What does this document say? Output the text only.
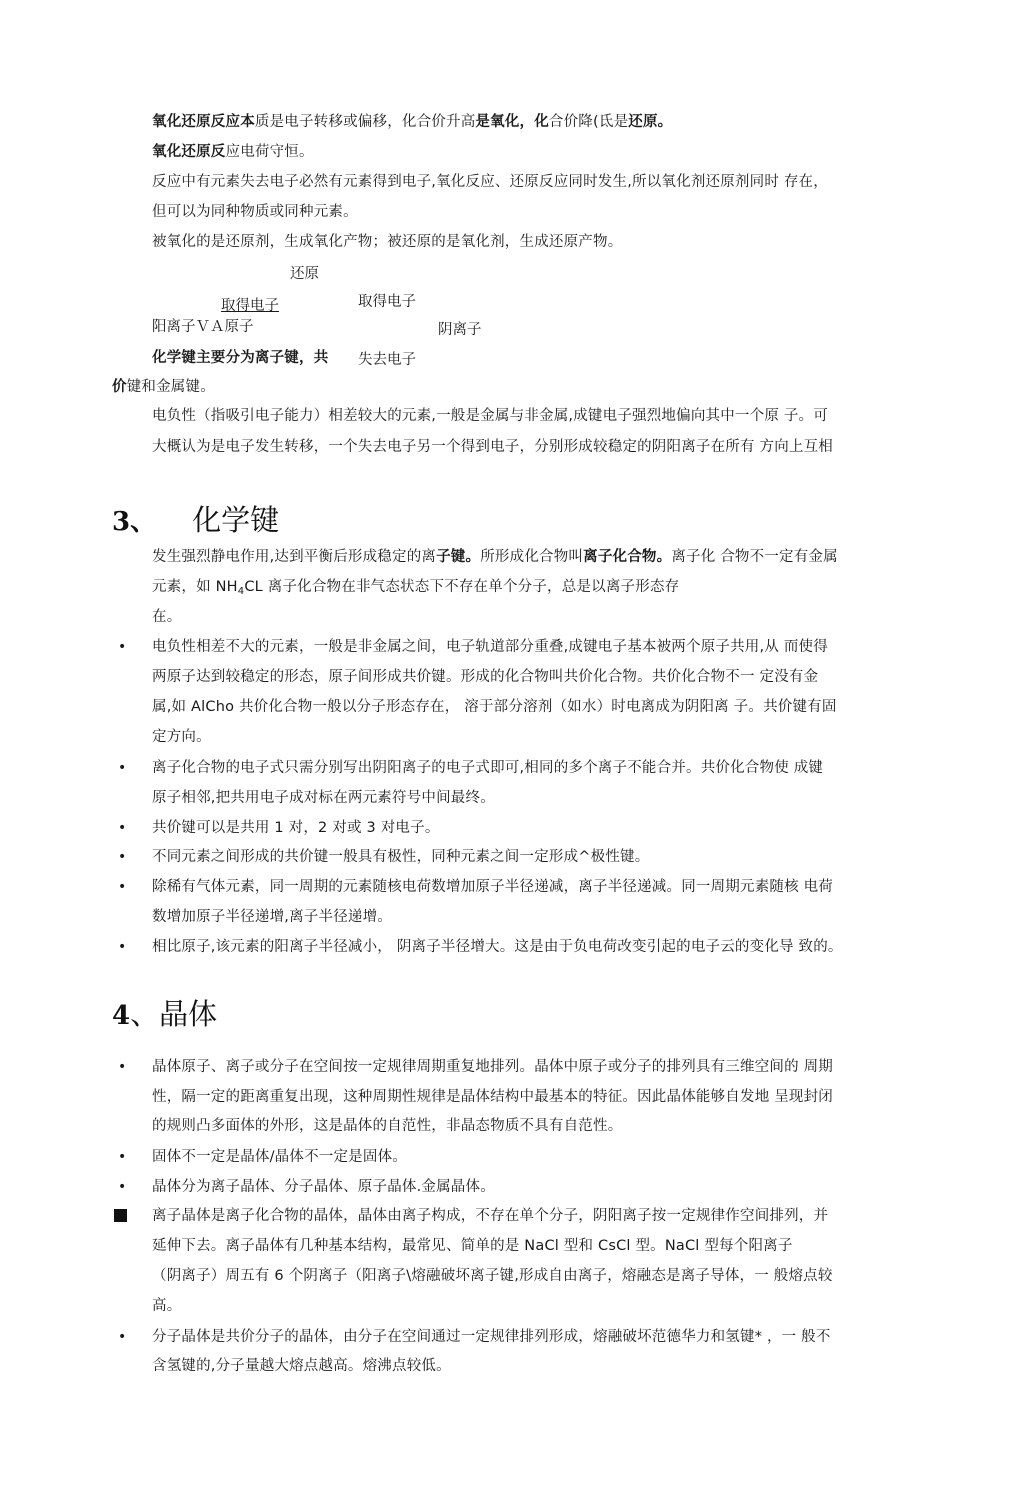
氧化还原反应本质是电子转移或偏移，化合价升高是氧化，化合价降(氐是还原。
氧化还原反应电荷守恒。
反应中有元素失去电子必然有元素得到电子,氧化反应、还原反应同时发生,所以氧化剂还原剂同时 存在，
但可以为同种物质或同种元素。
被氧化的是还原剂，生成氧化产物；被还原的是氧化剂，生成还原产物。
还原
取得电子	取得电子
阳离子ＶＡ原子	阴离子
化学键主要分为离子键，共 失去电子
价键和金属键。
电负性（指吸引电子能力）相差较大的元素,一般是金属与非金属,成键电子强烈地偏向其中一个原 子。可
大概认为是电子发生转移，一个失去电子另一个得到电子，分别形成较稳定的阴阳离子在所有 方向上互相
3、 化学键
发生强烈静电作用,达到平衡后形成稳定的离子键。所形成化合物叫离子化合物。离子化 合物不一定有金属
元素，如 $NH_4CL$ 离子化合物在非气态状态下不存在单个分子，总是以离子形态存
在。
• 电负性相差不大的元素，一般是非金属之间，电子轨道部分重叠,成键电子基本被两个原子共用,从 而使得
两原子达到较稳定的形态，原子间形成共价键。形成的化合物叫共价化合物。共价化合物不一 定没有金
属,如 AlCho 共价化合物一般以分子形态存在， 溶于部分溶剂（如水）时电离成为阴阳离 子。共价键有固
定方向。
• 离子化合物的电子式只需分别写出阴阳离子的电子式即可,相同的多个离子不能合并。共价化合物使 成键
原子相邻,把共用电子成对标在两元素符号中间最终。
• 共价键可以是共用 1 对，2 对或 3 对电子。
• 不同元素之间形成的共价键一般具有极性，同种元素之间一定形成^极性键。
• 除稀有气体元素，同一周期的元素随核电荷数增加原子半径递减，离子半径递减。同一周期元素随核 电荷
数增加原子半径递增,离子半径递增。
• 相比原子,该元素的阳离子半径减小， 阴离子半径增大。这是由于负电荷改变引起的电子云的变化导 致的。
4、晶体
• 晶体原子、离子或分子在空间按一定规律周期重复地排列。晶体中原子或分子的排列具有三维空间的 周期
性，隔一定的距离重复出现，这种周期性规律是晶体结构中最基本的特征。因此晶体能够自发地 呈现封闭
的规则凸多面体的外形，这是晶体的自范性，非晶态物质不具有自范性。
• 固体不一定是晶体/晶体不一定是固体。
• 晶体分为离子晶体、分子晶体、原子晶体.金属晶体。
离子晶体是离子化合物的晶体，晶体由离子构成，不存在单个分子，阴阳离子按一定规律作空间排列，并
延伸下去。离子晶体有几种基本结构，最常见、简单的是 NaCl 型和 CsCl 型。NaCl 型每个阳离子
（阴离子）周五有 6 个阴离子（阳离子\熔融破坏离子键,形成自由离子，熔融态是离子导体，一 般熔点较
高。
• 分子晶体是共价分子的晶体，由分子在空间通过一定规律排列形成，熔融破坏范德华力和氢键* ，一 般不
含氢键的,分子量越大熔点越高。熔沸点较低。
